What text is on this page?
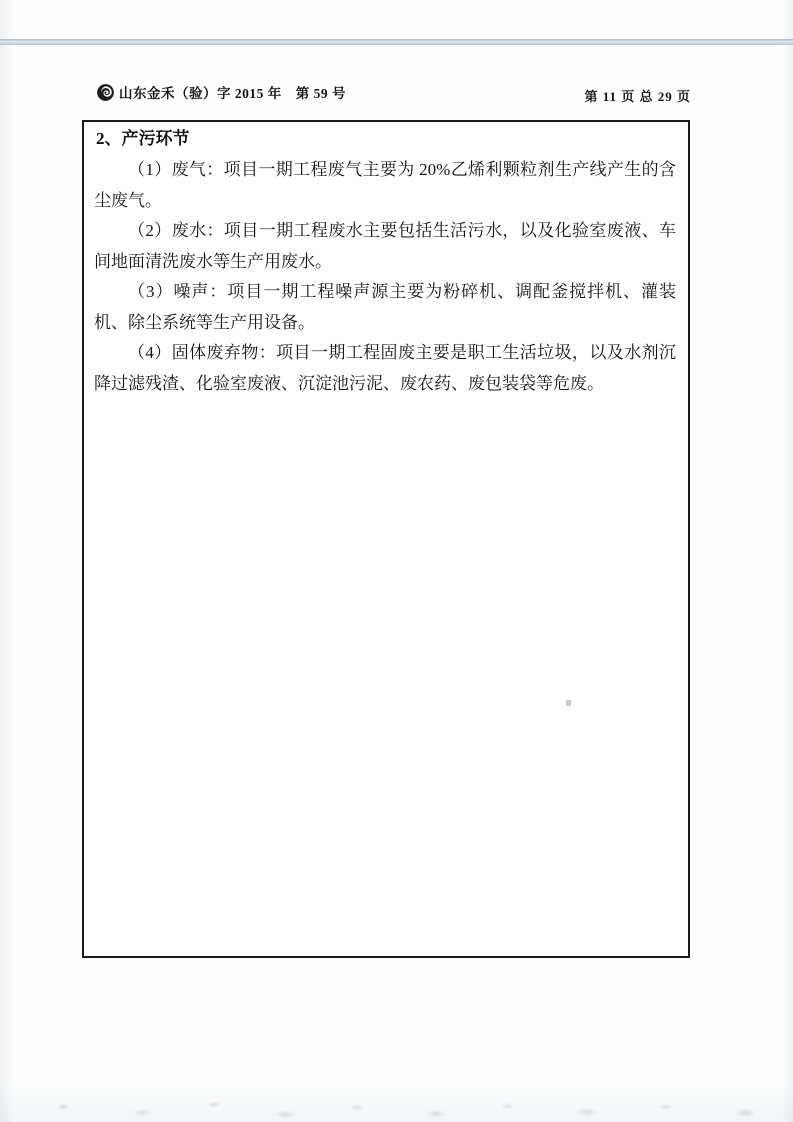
山东金禾（验）字 2015 年　第 59 号	第 11 页 总 29 页
2、产污环节

（1）废气：项目一期工程废气主要为 20%乙烯利颗粒剂生产线产生的含尘废气。

（2）废水：项目一期工程废水主要包括生活污水，以及化验室废液、车间地面清洗废水等生产用废水。

（3）噪声：项目一期工程噪声源主要为粉碎机、调配釜搅拌机、灌装机、除尘系统等生产用设备。

（4）固体废弃物：项目一期工程固废主要是职工生活垃圾，以及水剂沉降过滤残渣、化验室废液、沉淀池污泥、废农药、废包装袋等危废。
